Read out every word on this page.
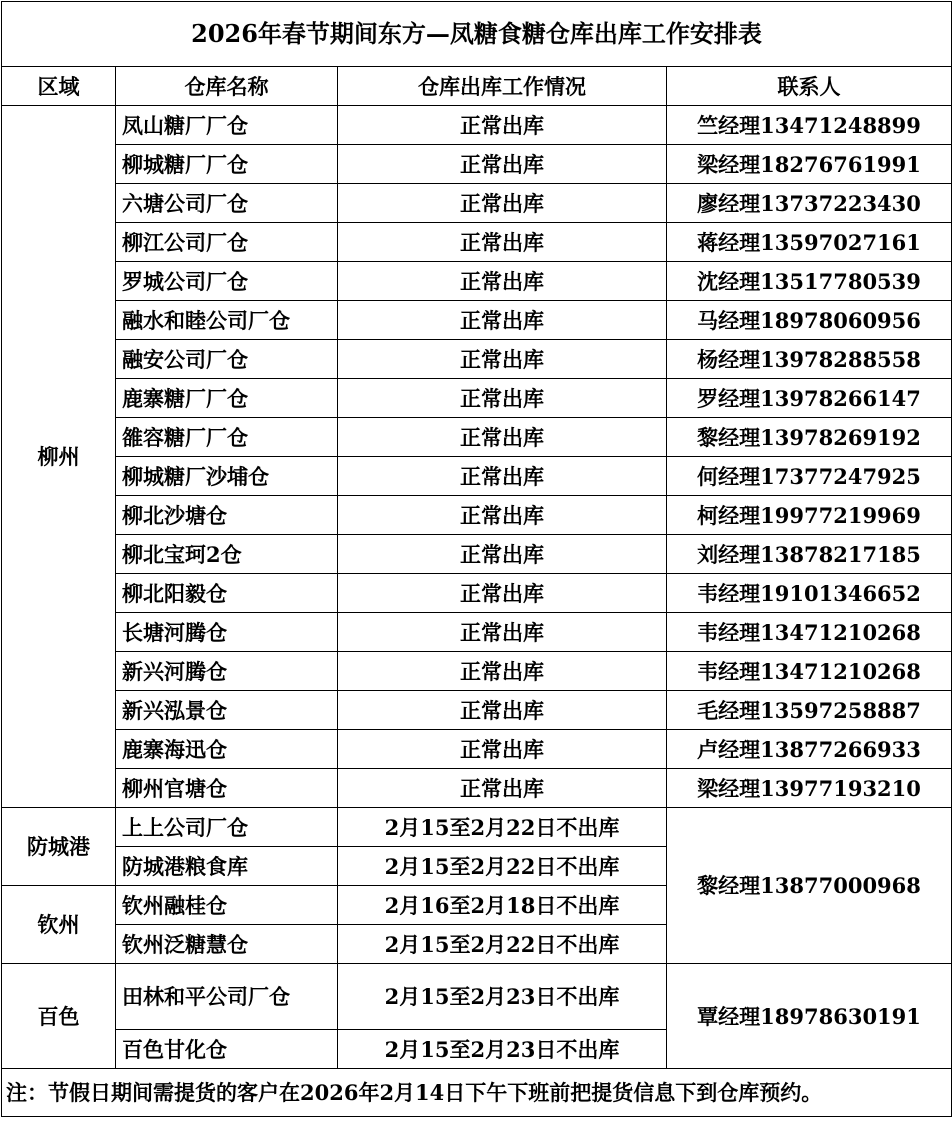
2026年春节期间东方—凤糖食糖仓库出库工作安排表			
区域	仓库名称	仓库出库工作情况	联系人
柳州	凤山糖厂厂仓	正常出库	竺经理13471248899
	柳城糖厂厂仓	正常出库	梁经理18276761991
	六塘公司厂仓	正常出库	廖经理13737223430
	柳江公司厂仓	正常出库	蒋经理13597027161
	罗城公司厂仓	正常出库	沈经理13517780539
	融水和睦公司厂仓	正常出库	马经理18978060956
	融安公司厂仓	正常出库	杨经理13978288558
	鹿寨糖厂厂仓	正常出库	罗经理13978266147
	雒容糖厂厂仓	正常出库	黎经理13978269192
	柳城糖厂沙埔仓	正常出库	何经理17377247925
	柳北沙塘仓	正常出库	柯经理19977219969
	柳北宝珂2仓	正常出库	刘经理13878217185
	柳北阳毅仓	正常出库	韦经理19101346652
	长塘河腾仓	正常出库	韦经理13471210268
	新兴河腾仓	正常出库	韦经理13471210268
	新兴泓景仓	正常出库	毛经理13597258887
	鹿寨海迅仓	正常出库	卢经理13877266933
	柳州官塘仓	正常出库	梁经理13977193210
防城港	上上公司厂仓	2月15至2月22日不出库	黎经理13877000968
	防城港粮食库	2月15至2月22日不出库	
钦州	钦州融桂仓	2月16至2月18日不出库	
	钦州泛糖慧仓	2月15至2月22日不出库	
百色	田林和平公司厂仓	2月15至2月23日不出库	覃经理18978630191
	百色甘化仓	2月15至2月23日不出库	
注：节假日期间需提货的客户在2026年2月14日下午下班前把提货信息下到仓库预约。			
